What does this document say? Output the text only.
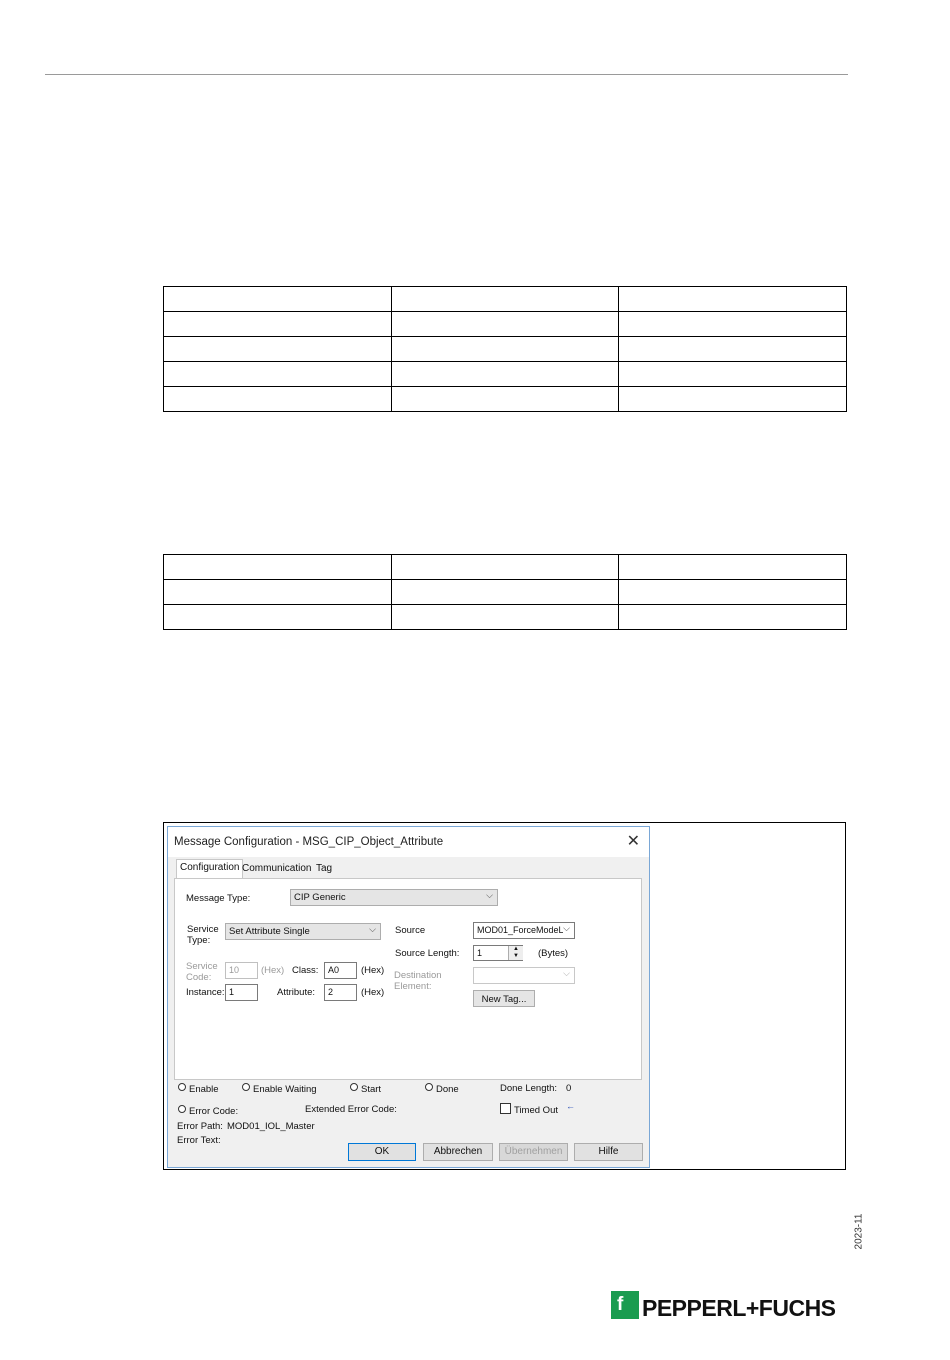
Message Configuration - MSG_CIP_Object_Attribute	✕
Configuration Communication Tag
Message Type:	CIP Generic	⌵
Service
Type:
Set Attribute Single	⌵
Service
Code:
10	(Hex) Class:	A0	(Hex)
Instance: 1	Attribute:	2	(Hex)
Source	MOD01_ForceModeL ⌵
Source Length:	1	▲
▼	(Bytes)
Destination
Element:
⌵
New Tag...
Enable	Enable Waiting	Start	Done	Done Length: 0
Error Code:	Extended Error Code:	Timed Out ←
Error Path: MOD01_IOL_Master
Error Text:
OK	Abbrechen	Übernehmen	Hilfe
2023-11
f PEPPERL+FUCHS
